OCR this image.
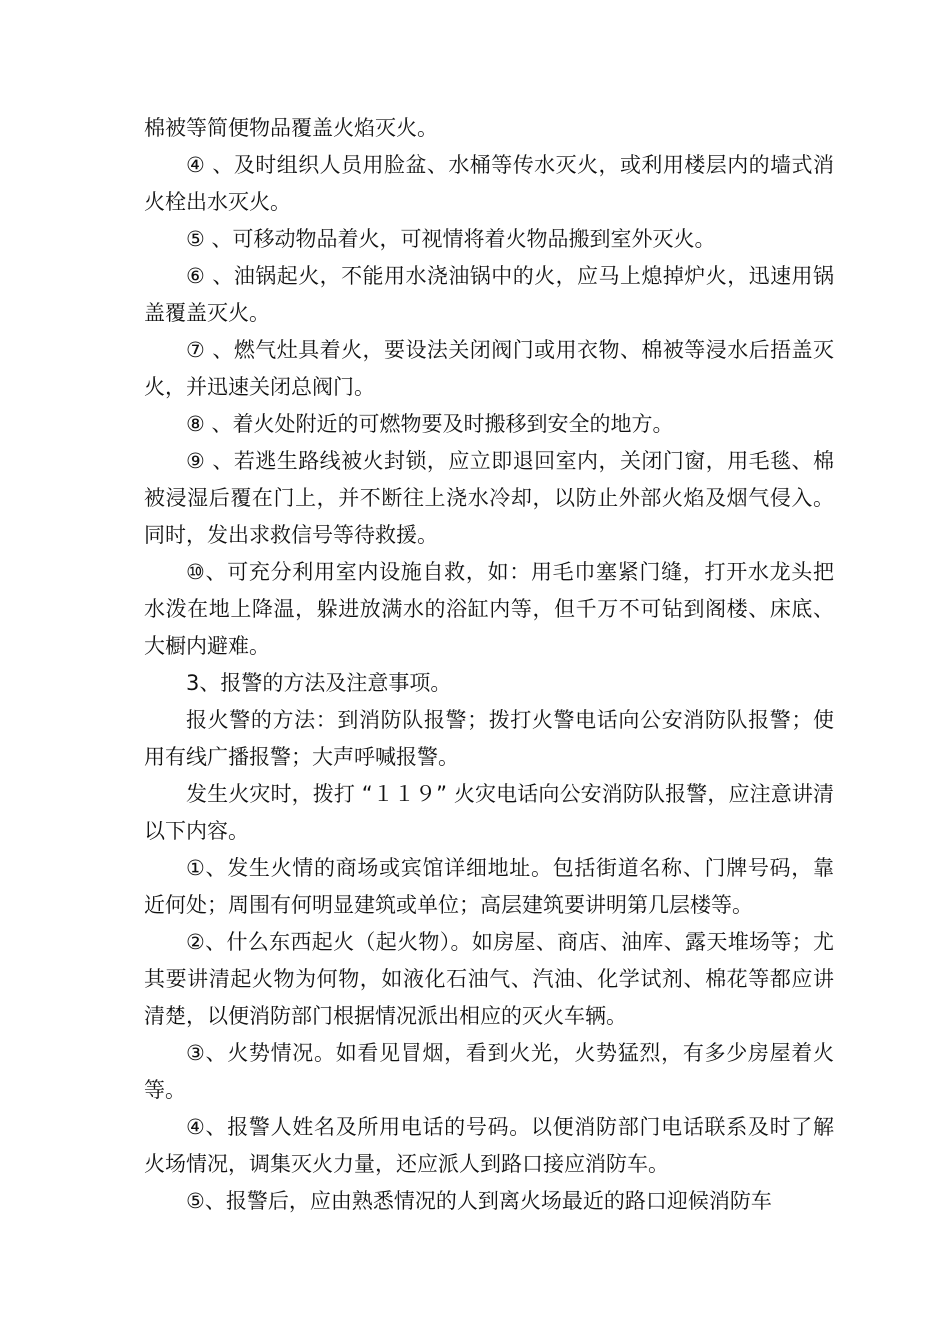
棉被等简便物品覆盖火焰灭火。

④ 、及时组织人员用脸盆、水桶等传水灭火，或利用楼层内的墙式消火栓出水灭火。

⑤ 、可移动物品着火，可视情将着火物品搬到室外灭火。

⑥ 、油锅起火，不能用水浇油锅中的火，应马上熄掉炉火，迅速用锅盖覆盖灭火。

⑦ 、燃气灶具着火，要设法关闭阀门或用衣物、棉被等浸水后捂盖灭火，并迅速关闭总阀门。

⑧ 、着火处附近的可燃物要及时搬移到安全的地方。

⑨ 、若逃生路线被火封锁，应立即退回室内，关闭门窗，用毛毯、棉被浸湿后覆在门上，并不断往上浇水冷却，以防止外部火焰及烟气侵入。同时，发出求救信号等待救援。

⑩、可充分利用室内设施自救，如：用毛巾塞紧门缝，打开水龙头把水泼在地上降温，躲进放满水的浴缸内等，但千万不可钻到阁楼、床底、大橱内避难。

3、报警的方法及注意事项。

报火警的方法：到消防队报警；拨打火警电话向公安消防队报警；使用有线广播报警；大声呼喊报警。

发生火灾时，拨打 “１１９” 火灾电话向公安消防队报警，应注意讲清以下内容。

①、发生火情的商场或宾馆详细地址。包括街道名称、门牌号码，靠近何处；周围有何明显建筑或单位；高层建筑要讲明第几层楼等。

②、什么东西起火（起火物）。如房屋、商店、油库、露天堆场等；尤其要讲清起火物为何物，如液化石油气、汽油、化学试剂、棉花等都应讲清楚，以便消防部门根据情况派出相应的灭火车辆。

③、火势情况。如看见冒烟，看到火光，火势猛烈，有多少房屋着火等。

④、报警人姓名及所用电话的号码。以便消防部门电话联系及时了解火场情况，调集灭火力量，还应派人到路口接应消防车。

⑤、报警后，应由熟悉情况的人到离火场最近的路口迎候消防车
